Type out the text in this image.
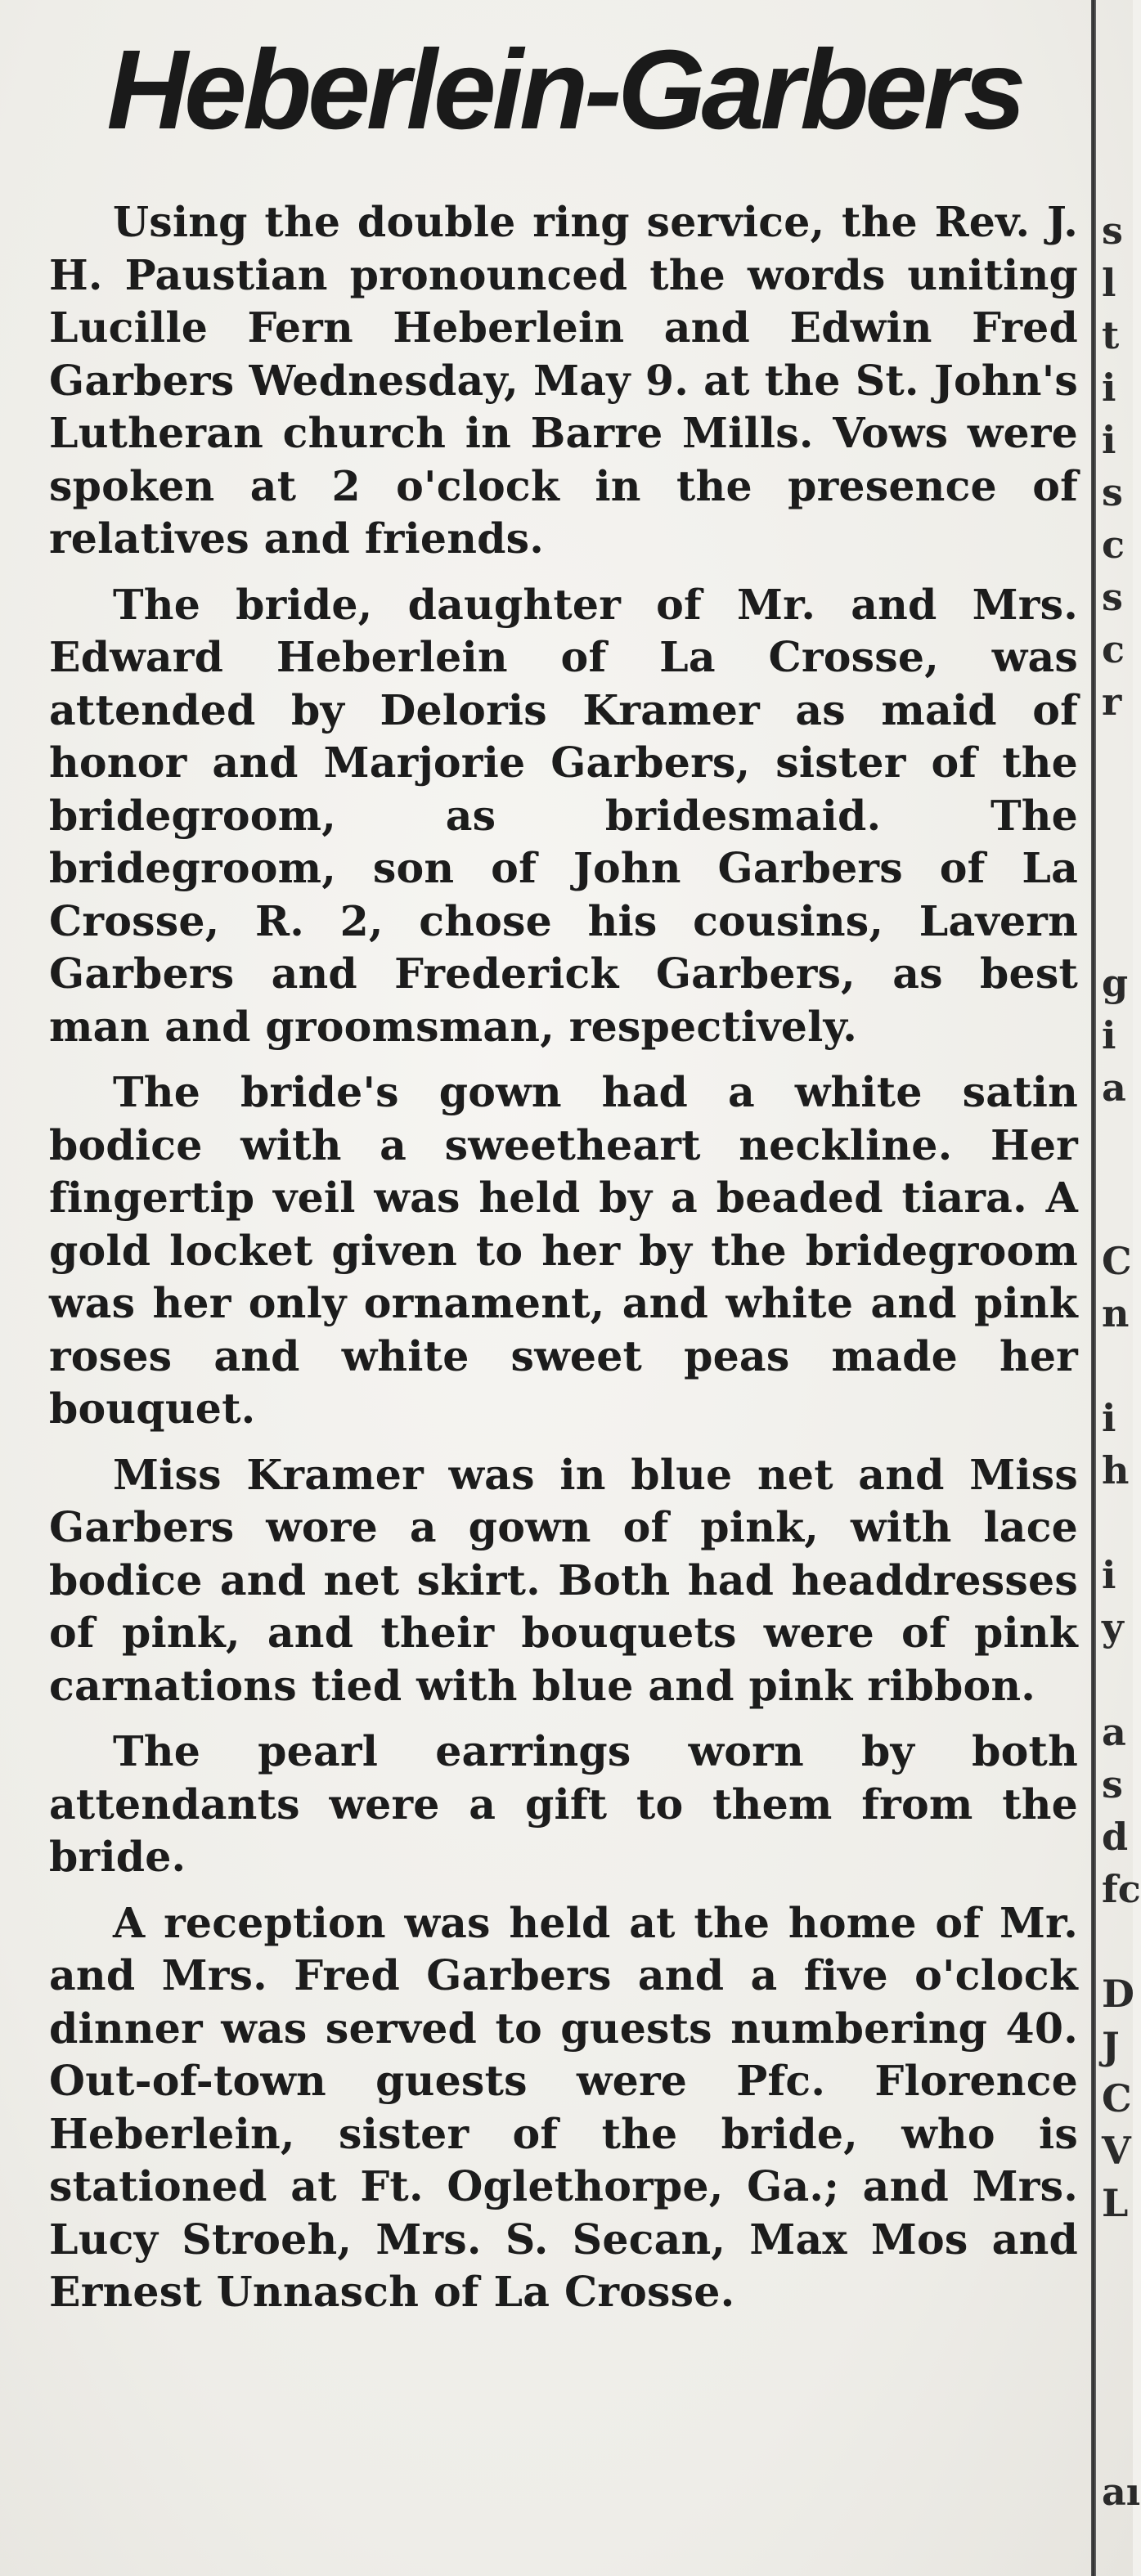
Heberlein-Garbers

Using the double ring service, the Rev. J. H. Paustian pronounced the words uniting Lucille Fern Heberlein and Edwin Fred Garbers Wednesday, May 9. at the St. John's Lutheran church in Barre Mills. Vows were spoken at 2 o'clock in the presence of relatives and friends.

The bride, daughter of Mr. and Mrs. Edward Heberlein of La Crosse, was attended by Deloris Kramer as maid of honor and Marjorie Garbers, sister of the bridegroom, as bridesmaid. The bridegroom, son of John Garbers of La Crosse, R. 2, chose his cousins, Lavern Garbers and Frederick Garbers, as best man and groomsman, respectively.

The bride's gown had a white satin bodice with a sweetheart neckline. Her fingertip veil was held by a beaded tiara. A gold locket given to her by the bridegroom was her only ornament, and white and pink roses and white sweet peas made her bouquet.

Miss Kramer was in blue net and Miss Garbers wore a gown of pink, with lace bodice and net skirt. Both had headdresses of pink, and their bouquets were of pink carnations tied with blue and pink ribbon.

The pearl earrings worn by both attendants were a gift to them from the bride.

A reception was held at the home of Mr. and Mrs. Fred Garbers and a five o'clock dinner was served to guests numbering 40. Out-of-town guests were Pfc. Florence Heberlein, sister of the bride, who is stationed at Ft. Oglethorpe, Ga.; and Mrs. Lucy Stroeh, Mrs. S. Secan, Max Mos and Ernest Unnasch of La Crosse.

s
l
t
i
i
s
c
s
c
r
g
i
a
C
n
i
h
i
y
a
s
d
fc
D
J
C
V
L
aı
